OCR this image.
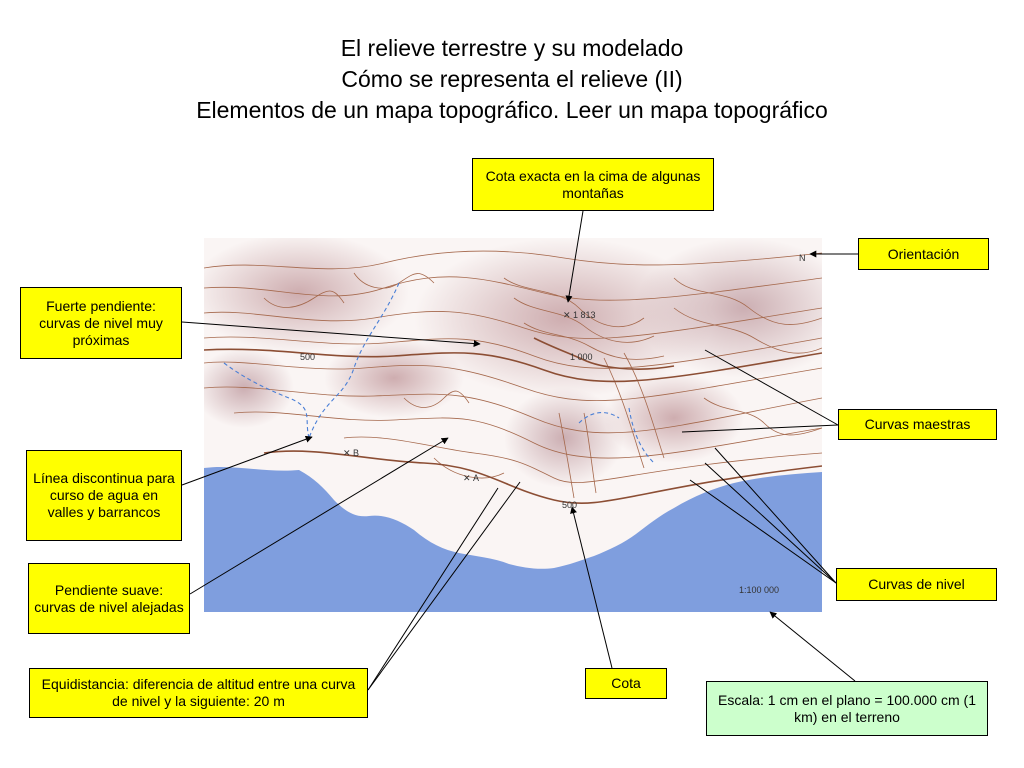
El relieve terrestre y su modelado
Cómo se representa el relieve (II)
Elementos de un mapa topográfico. Leer un mapa topográfico
✕ 1 813
1 000
500
500
✕ B
✕ A
N
1:100 000
Cota exacta en la cima de algunas montañas
Orientación
Fuerte pendiente: curvas de nivel muy próximas
Curvas maestras
Línea discontinua para curso de agua en valles y barrancos
Pendiente suave: curvas de nivel alejadas
Curvas de nivel
Equidistancia: diferencia de altitud entre una curva de nivel y la siguiente: 20 m
Cota
Escala: 1 cm en el plano = 100.000 cm (1 km) en el terreno
